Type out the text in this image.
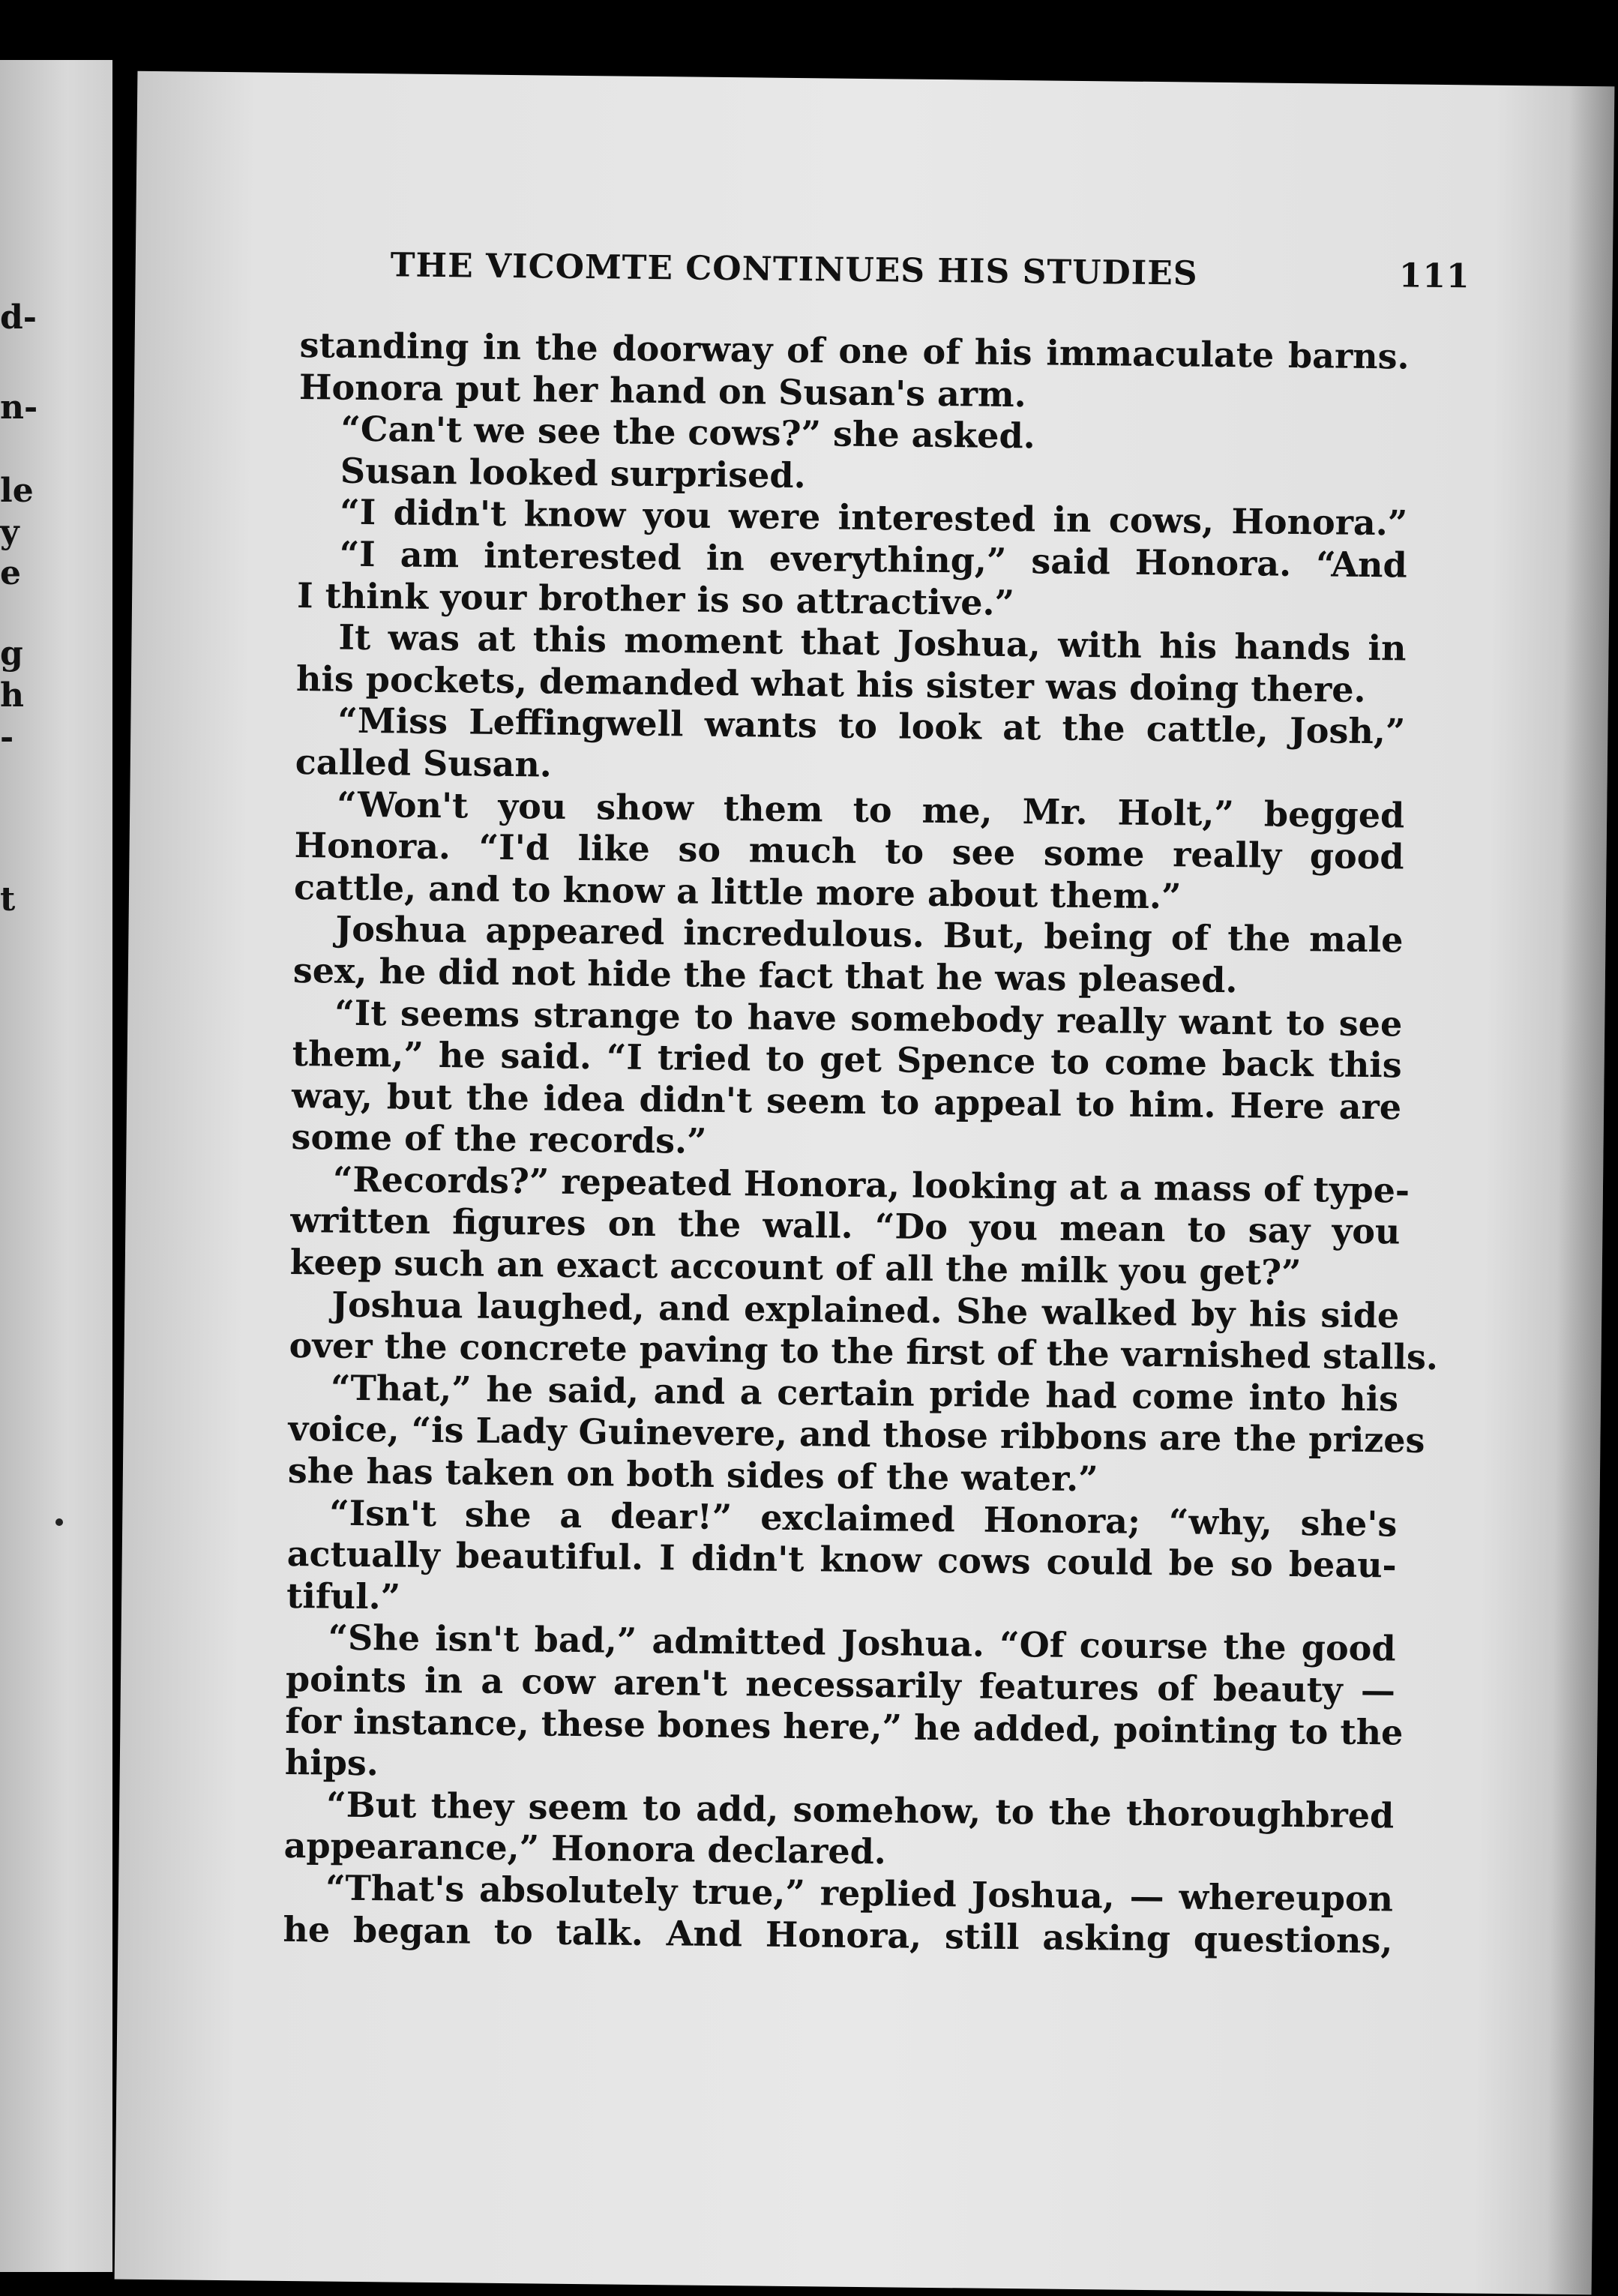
d-
n-
le
y
e
g
h
-
t
THE VICOMTE CONTINUES HIS STUDIES	111
standing in the doorway of one of his immaculate barns.
Honora put her hand on Susan's arm.
“Can't we see the cows?” she asked.
Susan looked surprised.
“I didn't know you were interested in cows, Honora.”
“I am interested in everything,” said Honora. “And
I think your brother is so attractive.”
It was at this moment that Joshua, with his hands in
his pockets, demanded what his sister was doing there.
“Miss Leffingwell wants to look at the cattle, Josh,”
called Susan.
“Won't you show them to me, Mr. Holt,” begged
Honora. “I'd like so much to see some really good
cattle, and to know a little more about them.”
Joshua appeared incredulous. But, being of the male
sex, he did not hide the fact that he was pleased.
“It seems strange to have somebody really want to see
them,” he said. “I tried to get Spence to come back this
way, but the idea didn't seem to appeal to him. Here are
some of the records.”
“Records?” repeated Honora, looking at a mass of type-
written figures on the wall. “Do you mean to say you
keep such an exact account of all the milk you get?”
Joshua laughed, and explained. She walked by his side
over the concrete paving to the first of the varnished stalls.
“That,” he said, and a certain pride had come into his
voice, “is Lady Guinevere, and those ribbons are the prizes
she has taken on both sides of the water.”
“Isn't she a dear!” exclaimed Honora; “why, she's
actually beautiful. I didn't know cows could be so beau-
tiful.”
“She isn't bad,” admitted Joshua. “Of course the good
points in a cow aren't necessarily features of beauty —
for instance, these bones here,” he added, pointing to the
hips.
“But they seem to add, somehow, to the thoroughbred
appearance,” Honora declared.
“That's absolutely true,” replied Joshua, — whereupon
he began to talk. And Honora, still asking questions,
